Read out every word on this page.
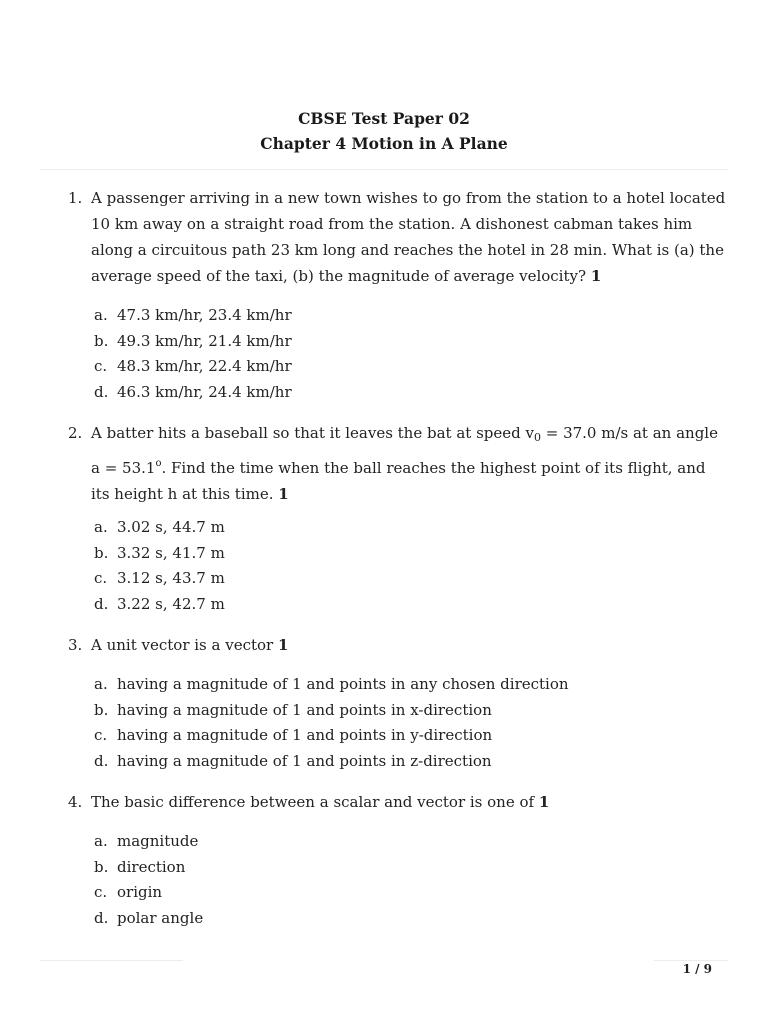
CBSE Test Paper 02
Chapter 4 Motion in A Plane
1. A passenger arriving in a new town wishes to go from the station to a hotel located 10 km away on a straight road from the station. A dishonest cabman takes him along a circuitous path 23 km long and reaches the hotel in 28 min. What is (a) the average speed of the taxi, (b) the magnitude of average velocity? 1
a. 47.3 km/hr, 23.4 km/hr
b. 49.3 km/hr, 21.4 km/hr
c. 48.3 km/hr, 22.4 km/hr
d. 46.3 km/hr, 24.4 km/hr
2. A batter hits a baseball so that it leaves the bat at speed $v_0 = 37.0$ m/s at an angle $a = 53.1^o$. Find the time when the ball reaches the highest point of its flight, and its height h at this time. 1
a. 3.02 s, 44.7 m
b. 3.32 s, 41.7 m
c. 3.12 s, 43.7 m
d. 3.22 s, 42.7 m
3. A unit vector is a vector 1
a. having a magnitude of 1 and points in any chosen direction
b. having a magnitude of 1 and points in x-direction
c. having a magnitude of 1 and points in y-direction
d. having a magnitude of 1 and points in z-direction
4. The basic difference between a scalar and vector is one of 1
a. magnitude
b. direction
c. origin
d. polar angle
1 / 9
